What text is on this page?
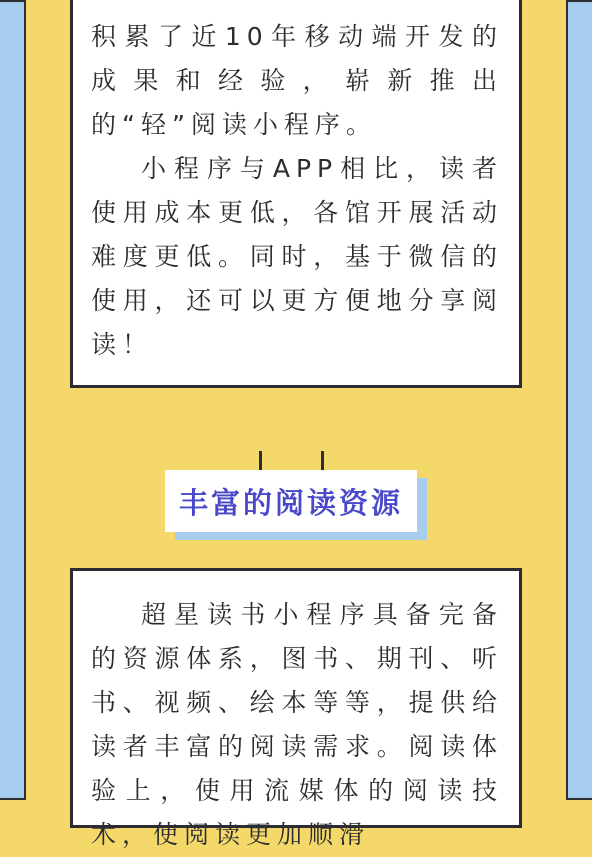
积累了近10年移动端开发的成果和经验，崭新推出的“轻”阅读小程序。

小程序与APP相比，读者使用成本更低，各馆开展活动难度更低。同时，基于微信的使用，还可以更方便地分享阅读！

丰富的阅读资源

超星读书小程序具备完备的资源体系，图书、期刊、听书、视频、绘本等等，提供给读者丰富的阅读需求。阅读体验上，使用流媒体的阅读技术，使阅读更加顺滑
